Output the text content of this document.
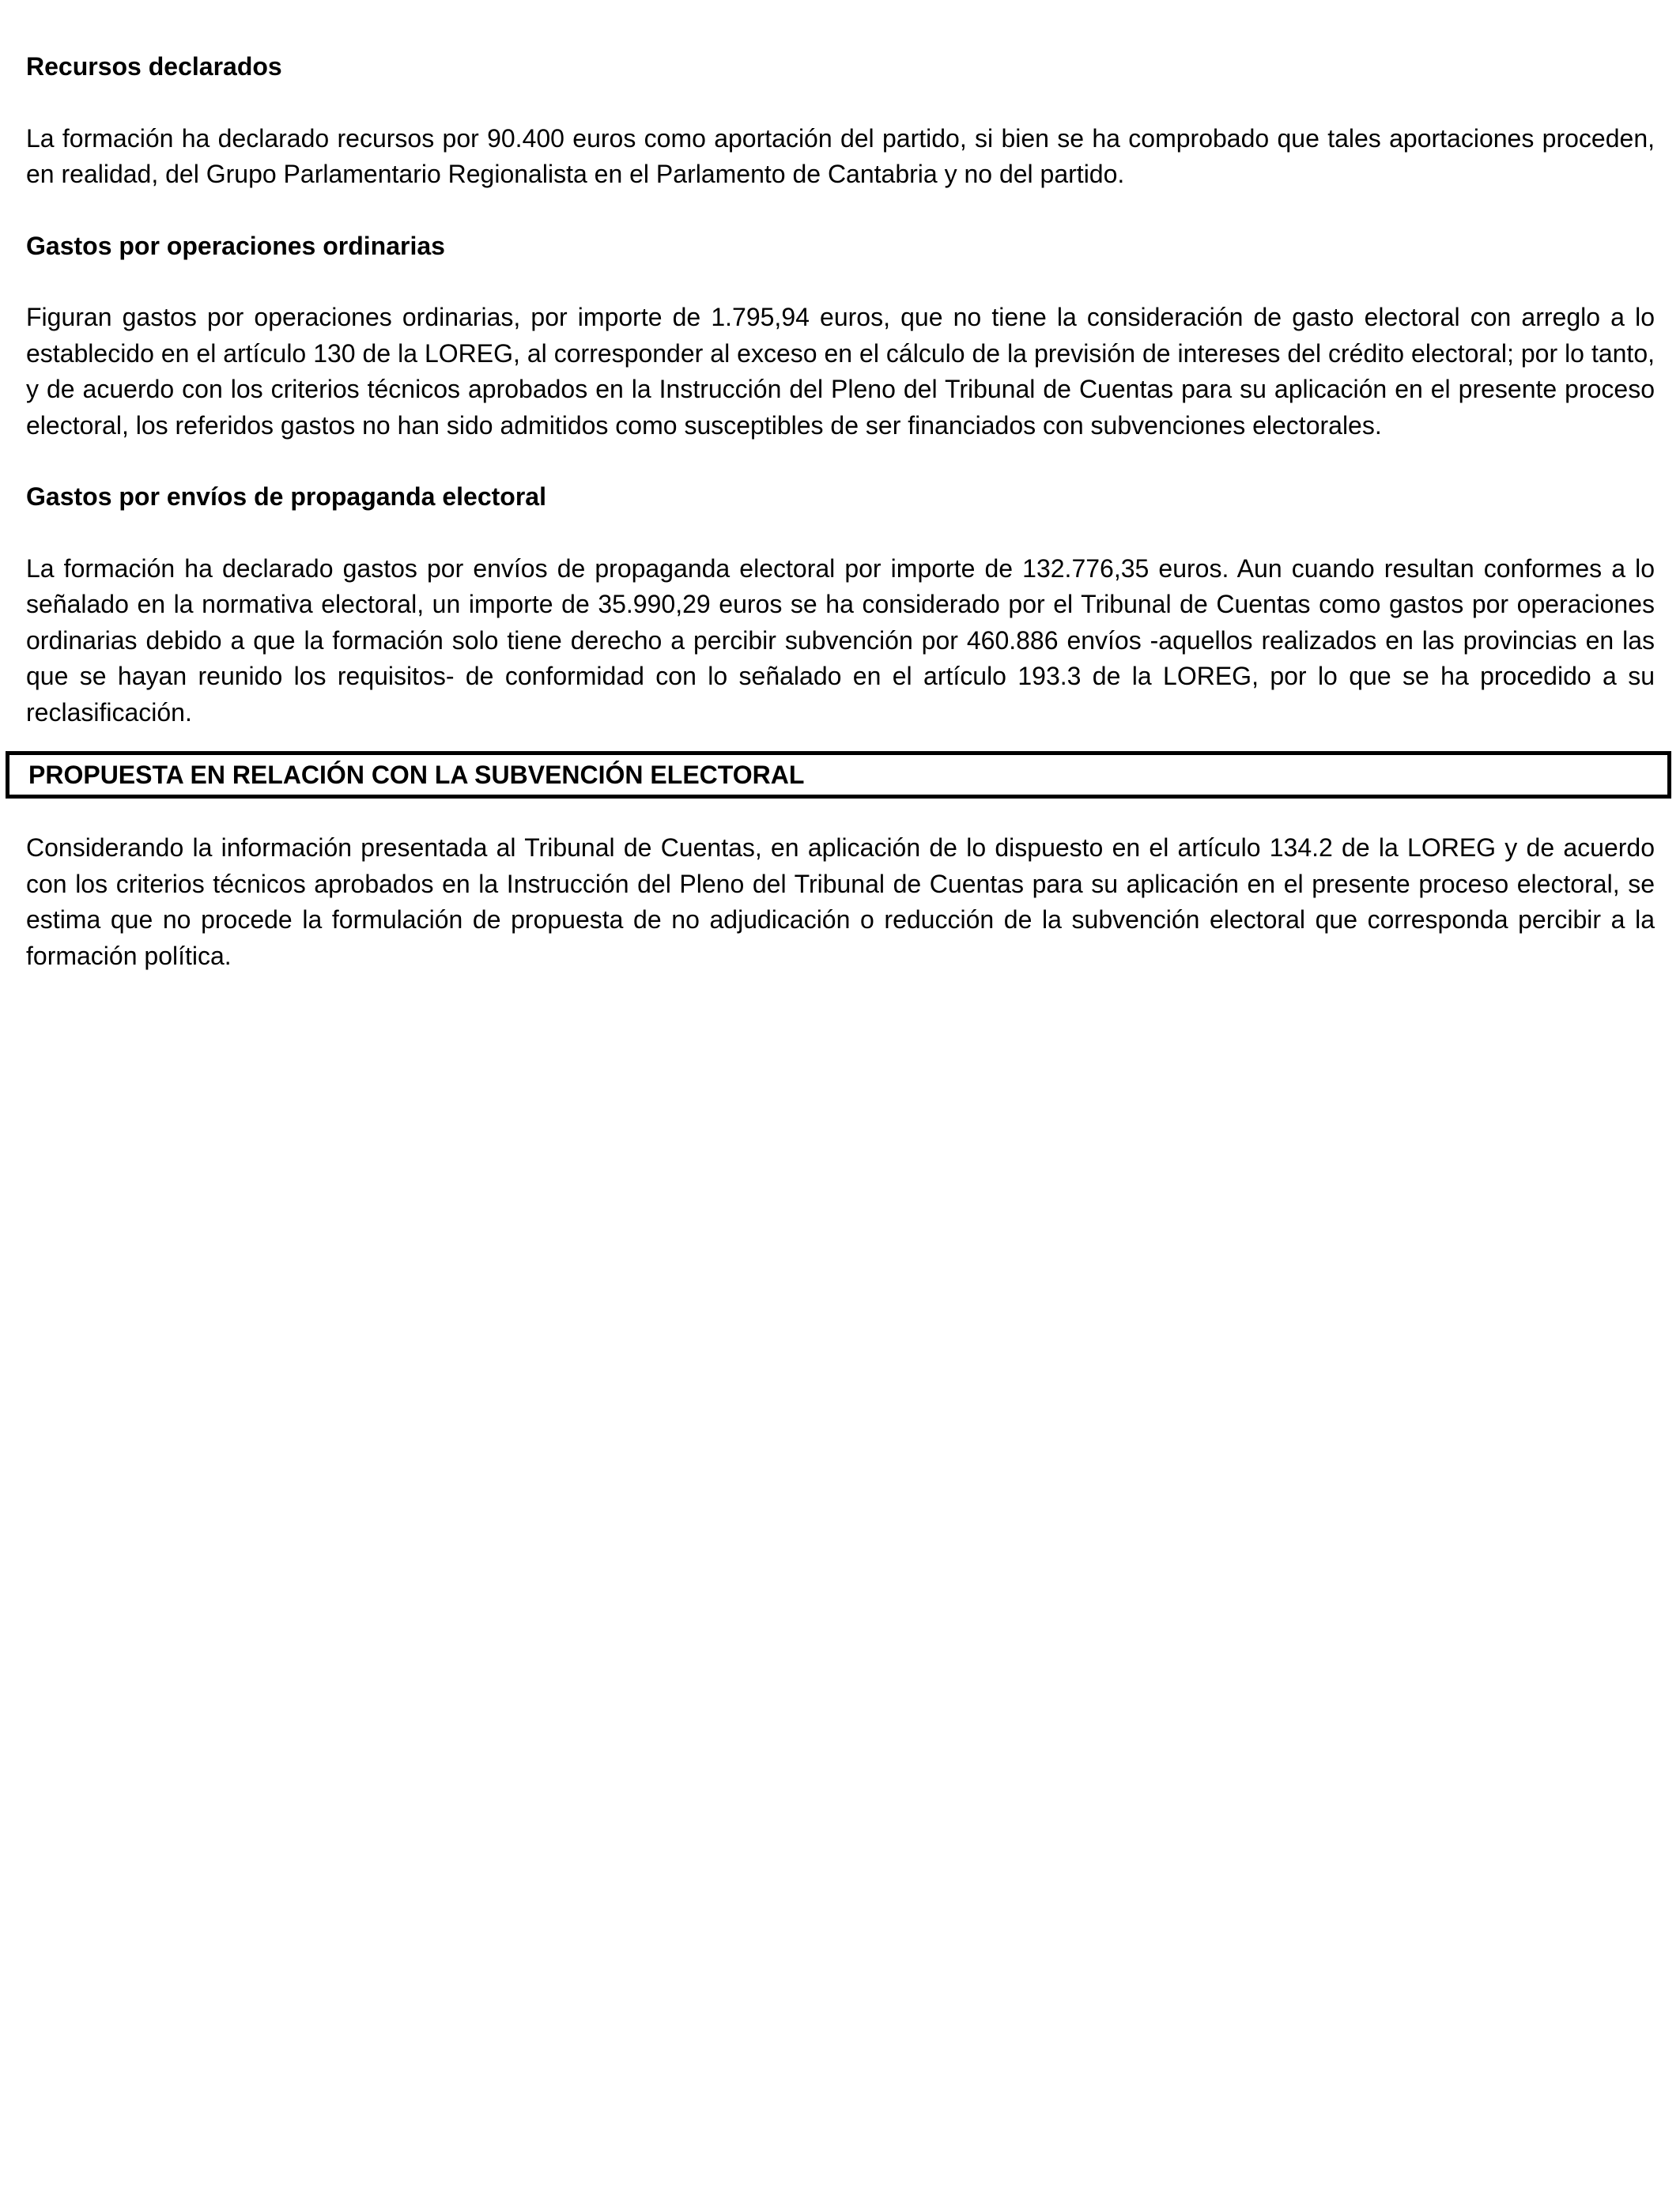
Recursos declarados

La formación ha declarado recursos por 90.400 euros como aportación del partido, si bien se ha comprobado que tales aportaciones proceden, en realidad, del Grupo Parlamentario Regionalista en el Parlamento de Cantabria y no del partido.

Gastos por operaciones ordinarias

Figuran gastos por operaciones ordinarias, por importe de 1.795,94 euros, que no tiene la consideración de gasto electoral con arreglo a lo establecido en el artículo 130 de la LOREG, al corresponder al exceso en el cálculo de la previsión de intereses del crédito electoral; por lo tanto, y de acuerdo con los criterios técnicos aprobados en la Instrucción del Pleno del Tribunal de Cuentas para su aplicación en el presente proceso electoral, los referidos gastos no han sido admitidos como susceptibles de ser financiados con subvenciones electorales.

Gastos por envíos de propaganda electoral

La formación ha declarado gastos por envíos de propaganda electoral por importe de 132.776,35 euros. Aun cuando resultan conformes a lo señalado en la normativa electoral, un importe de 35.990,29 euros se ha considerado por el Tribunal de Cuentas como gastos por operaciones ordinarias debido a que la formación solo tiene derecho a percibir subvención por 460.886 envíos -aquellos realizados en las provincias en las que se hayan reunido los requisitos- de conformidad con lo señalado en el artículo 193.3 de la LOREG, por lo que se ha procedido a su reclasificación.

PROPUESTA EN RELACIÓN CON LA SUBVENCIÓN ELECTORAL

Considerando la información presentada al Tribunal de Cuentas, en aplicación de lo dispuesto en el artículo 134.2 de la LOREG y de acuerdo con los criterios técnicos aprobados en la Instrucción del Pleno del Tribunal de Cuentas para su aplicación en el presente proceso electoral, se estima que no procede la formulación de propuesta de no adjudicación o reducción de la subvención electoral que corresponda percibir a la formación política.
